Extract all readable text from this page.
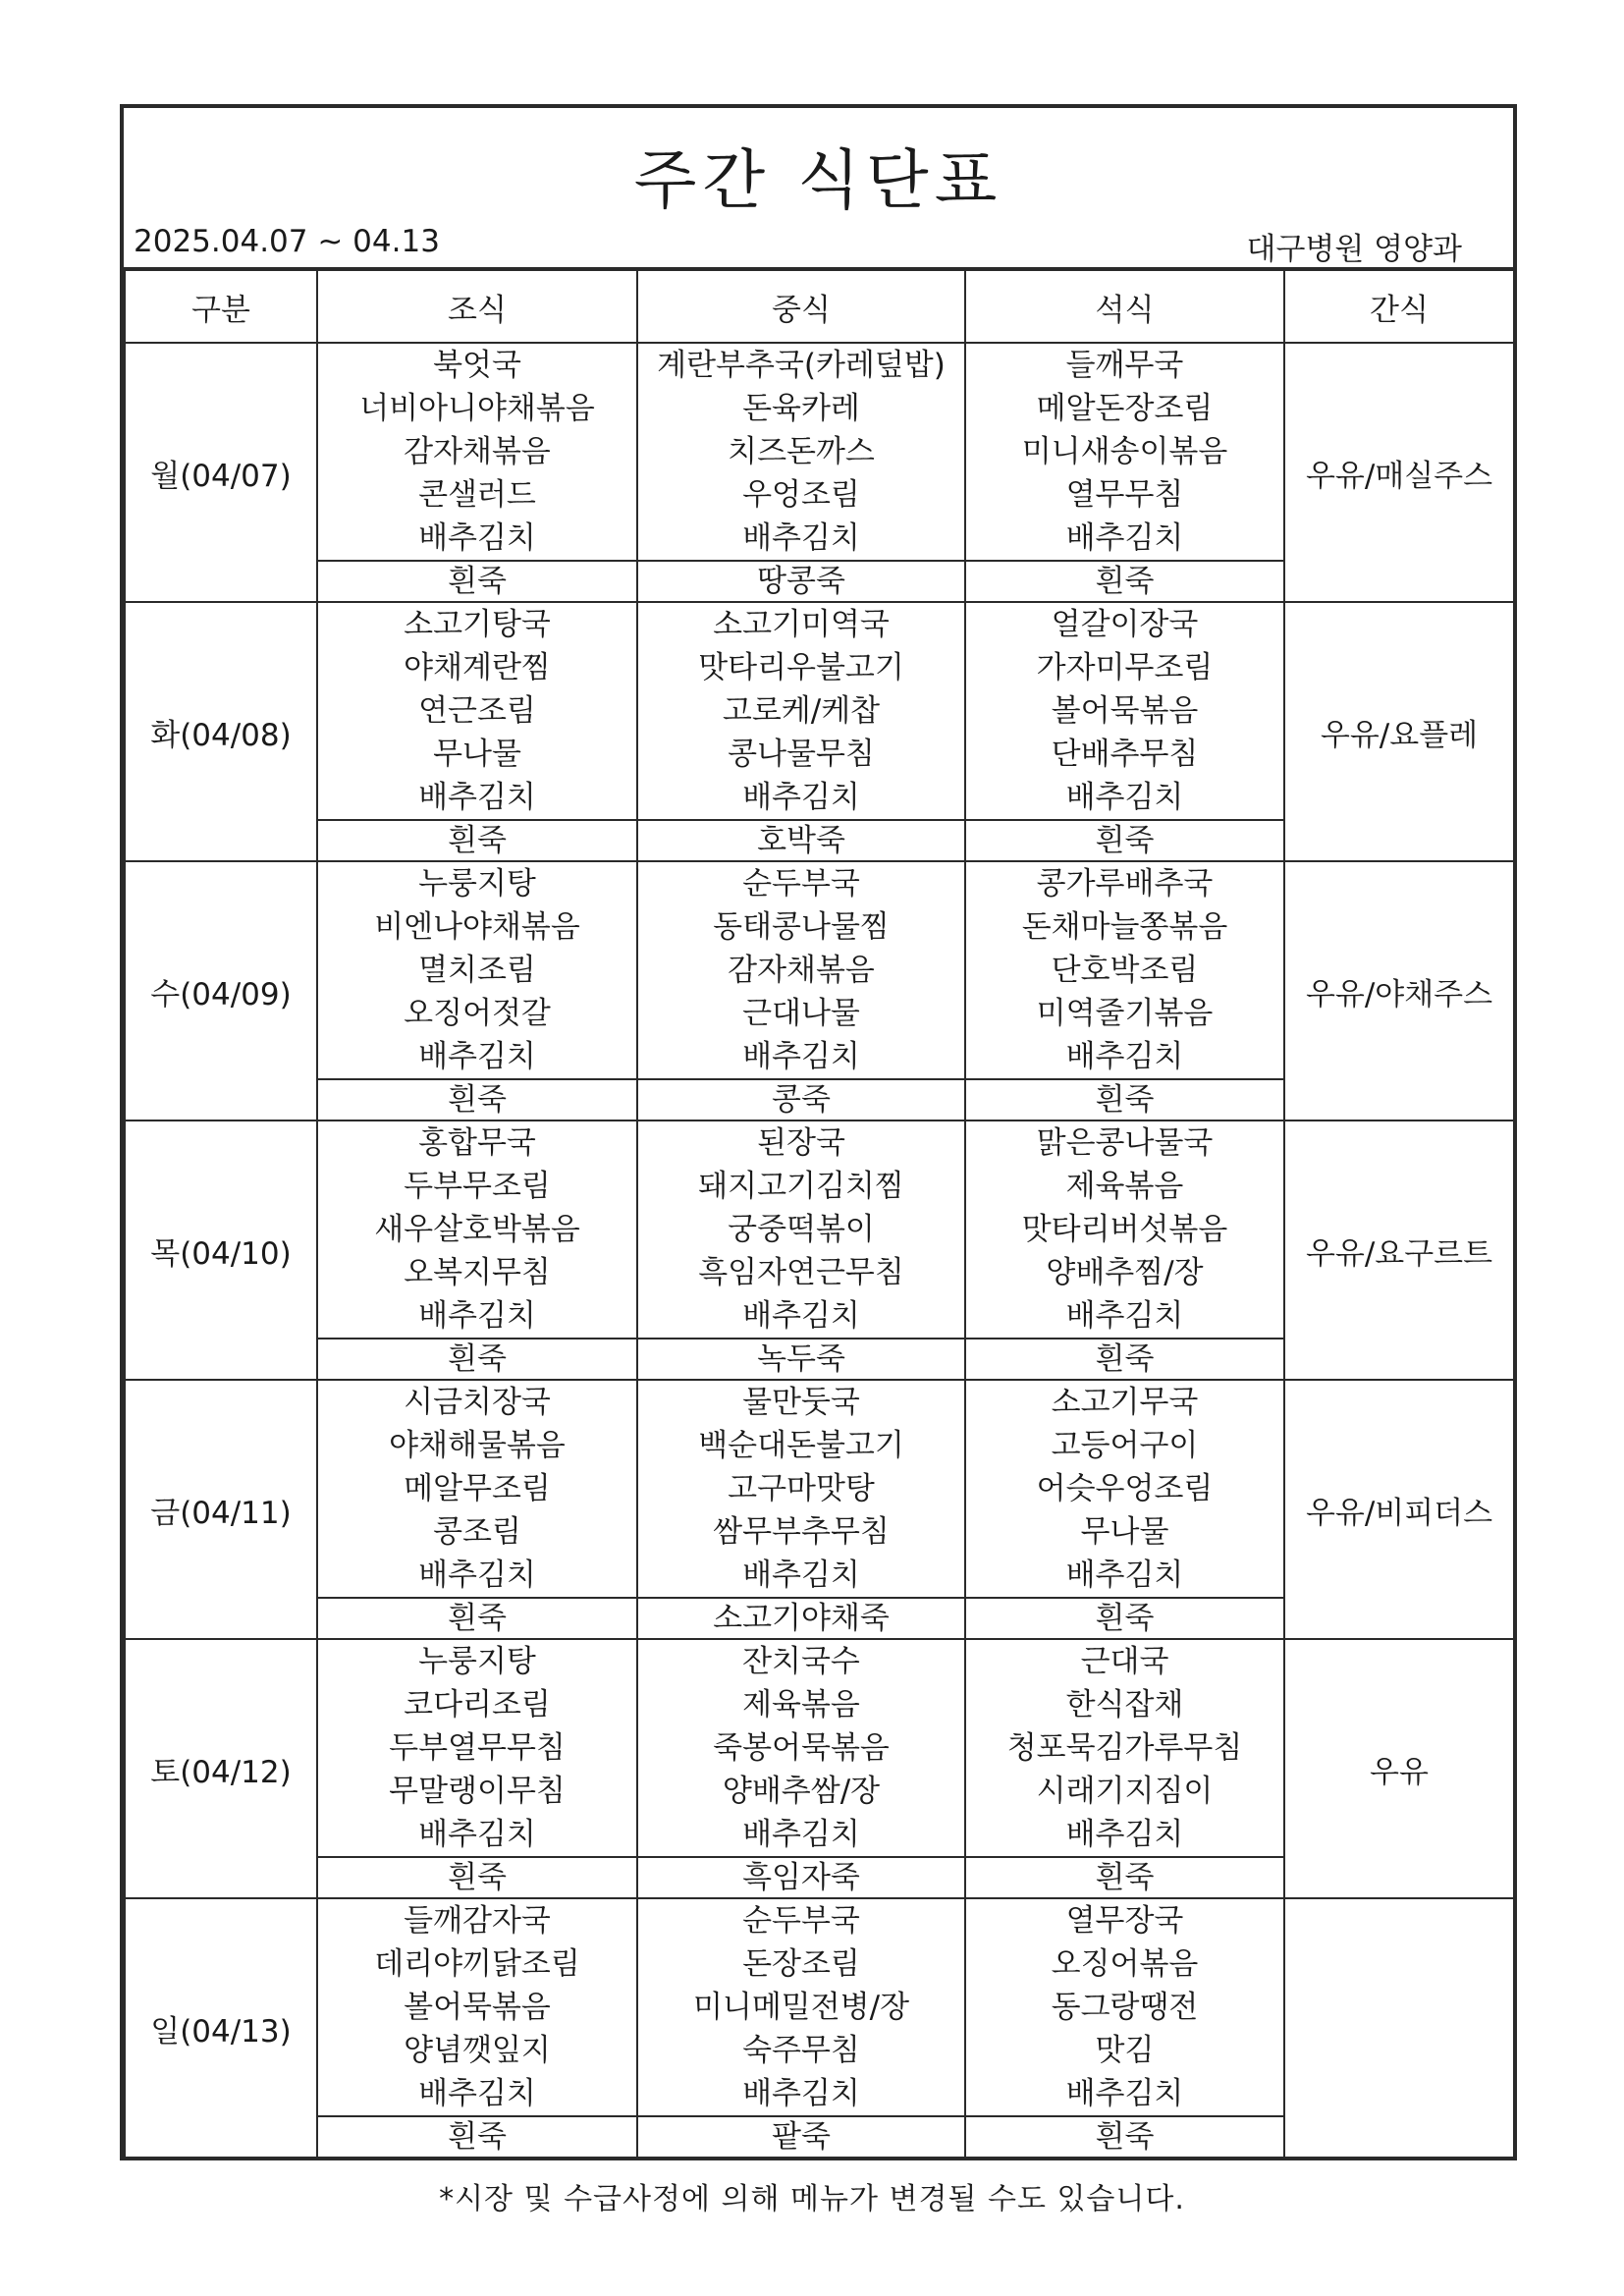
주간 식단표
2025.04.07 ~ 04.13	대구병원 영양과
구분	조식	중식	석식	간식
월(04/07)	북엇국
너비아니야채볶음
감자채볶음
콘샐러드
배추김치	계란부추국(카레덮밥)
돈육카레
치즈돈까스
우엉조림
배추김치	들깨무국
메알돈장조림
미니새송이볶음
열무무침
배추김치	우유/매실주스
	흰죽	땅콩죽	흰죽	
화(04/08)	소고기탕국
야채계란찜
연근조림
무나물
배추김치	소고기미역국
맛타리우불고기
고로케/케찹
콩나물무침
배추김치	얼갈이장국
가자미무조림
볼어묵볶음
단배추무침
배추김치	우유/요플레
	흰죽	호박죽	흰죽	
수(04/09)	누룽지탕
비엔나야채볶음
멸치조림
오징어젓갈
배추김치	순두부국
동태콩나물찜
감자채볶음
근대나물
배추김치	콩가루배추국
돈채마늘쫑볶음
단호박조림
미역줄기볶음
배추김치	우유/야채주스
	흰죽	콩죽	흰죽	
목(04/10)	홍합무국
두부무조림
새우살호박볶음
오복지무침
배추김치	된장국
돼지고기김치찜
궁중떡볶이
흑임자연근무침
배추김치	맑은콩나물국
제육볶음
맛타리버섯볶음
양배추찜/장
배추김치	우유/요구르트
	흰죽	녹두죽	흰죽	
금(04/11)	시금치장국
야채해물볶음
메알무조림
콩조림
배추김치	물만둣국
백순대돈불고기
고구마맛탕
쌈무부추무침
배추김치	소고기무국
고등어구이
어슷우엉조림
무나물
배추김치	우유/비피더스
	흰죽	소고기야채죽	흰죽	
토(04/12)	누룽지탕
코다리조림
두부열무무침
무말랭이무침
배추김치	잔치국수
제육볶음
죽봉어묵볶음
양배추쌈/장
배추김치	근대국
한식잡채
청포묵김가루무침
시래기지짐이
배추김치	우유
	흰죽	흑임자죽	흰죽	
일(04/13)	들깨감자국
데리야끼닭조림
볼어묵볶음
양념깻잎지
배추김치	순두부국
돈장조림
미니메밀전병/장
숙주무침
배추김치	열무장국
오징어볶음
동그랑땡전
맛김
배추김치	

	흰죽	팥죽	흰죽	
*시장 및 수급사정에 의해 메뉴가 변경될 수도 있습니다.
